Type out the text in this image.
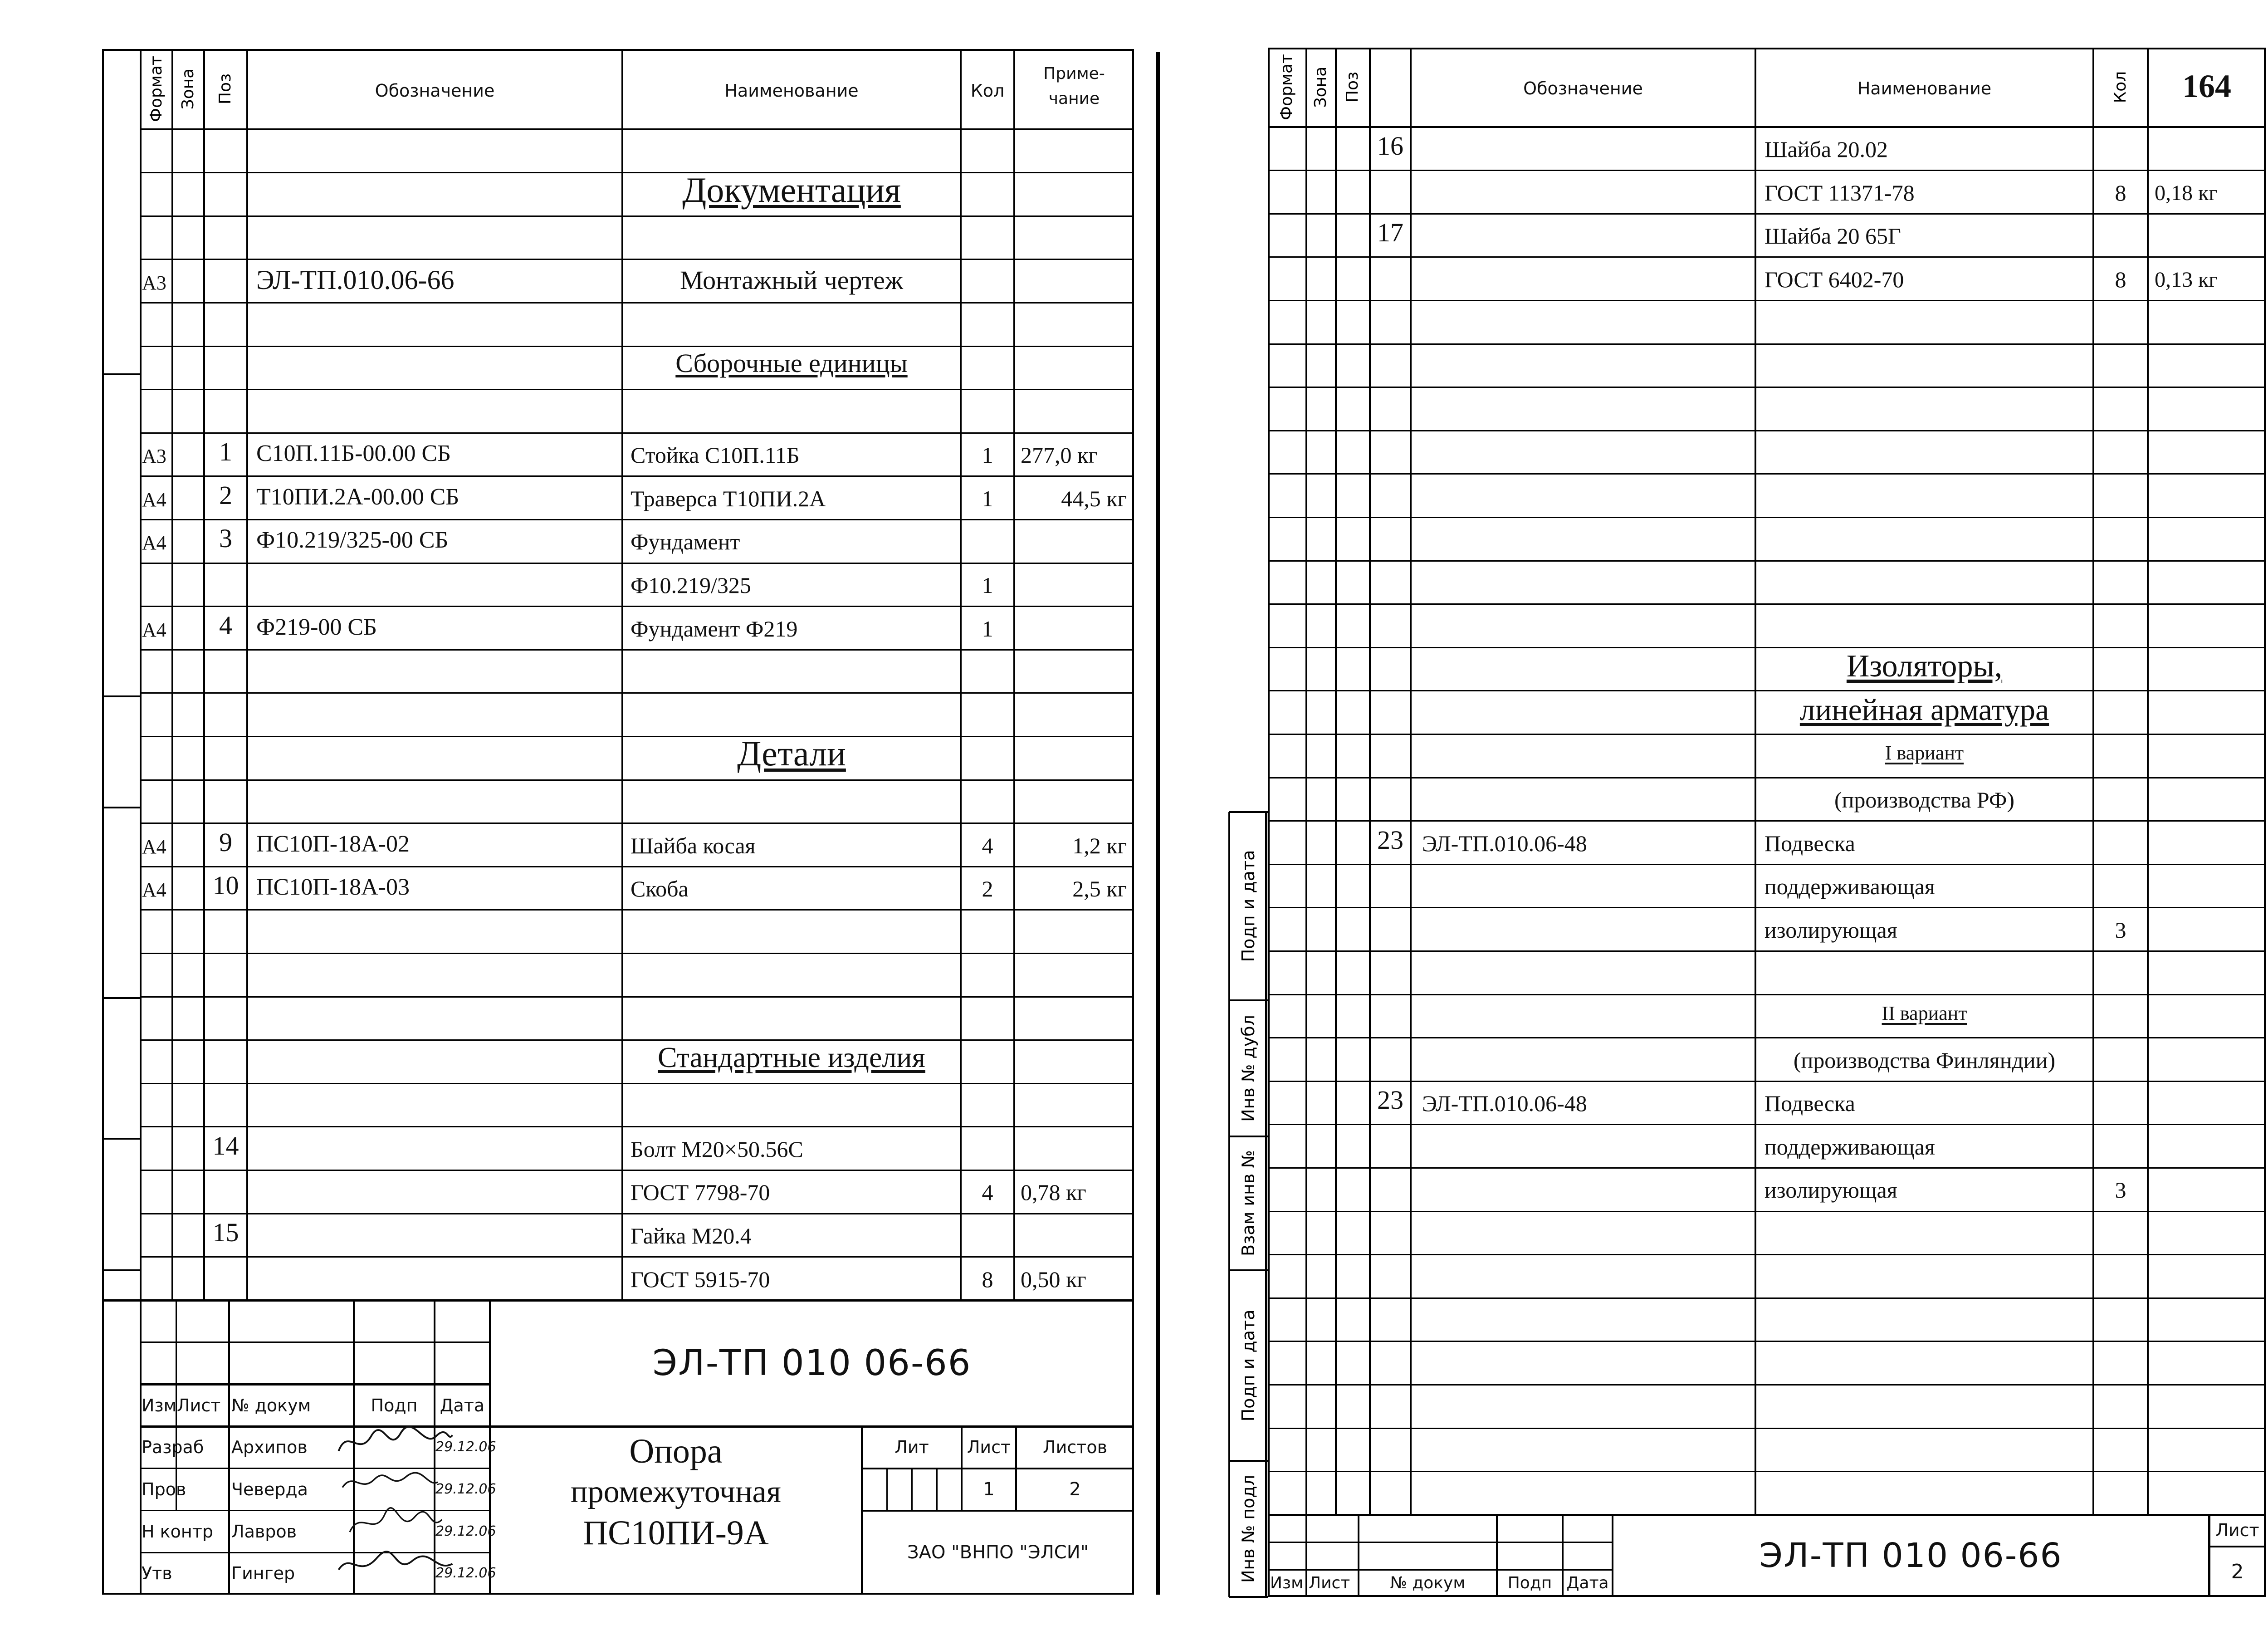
Формат Зона	Поз	Обозначение	Наименование	Кол
Приме-
чание
Документация
А3	ЭЛ-ТП.010.06-66	Монтажный чертеж
Сборочные единицы
А3	1	С10П.11Б-00.00 СБ	Стойка С10П.11Б	1	277,0 кг
А4	2	Т10ПИ.2А-00.00 СБ	Траверса Т10ПИ.2А	1	44,5 кг
А4	3	Ф10.219/325-00 СБ	Фундамент
Ф10.219/325	1
А4	4	Ф219-00 СБ	Фундамент Ф219	1
Детали
А4	9	ПС10П-18А-02	Шайба косая	4	1,2 кг
А4	10 ПС10П-18А-03	Скоба	2	2,5 кг
Стандартные изделия
14	Болт М20×50.56С
ГОСТ 7798-70	4	0,78 кг
15	Гайка М20.4
ГОСТ 5915-70	8	0,50 кг
ЭЛ-ТП 010 06-66
Изм Лист № докум	Подп	Дата
Разраб	Архипов	29.12.06
Пров	Чеверда	29.12.06
Н контр	Лавров	29.12.06
Утв	Гингер	29.12.06
Опора
промежуточная
ПС10ПИ-9А
Лит	Лист	Листов
1	2
ЗАО "ВНПО "ЭЛСИ"
Формат Зона Поз	Обозначение	Наименование	Кол	164
16	Шайба 20.02
ГОСТ 11371-78	8	0,18 кг
17	Шайба 20 65Г
ГОСТ 6402-70	8	0,13 кг
Изоляторы,
линейная арматура
I вариант
(производства РФ)
23 ЭЛ-ТП.010.06-48	Подвеска
поддерживающая
изолирующая	3
II вариант
(производства Финляндии)
23 ЭЛ-ТП.010.06-48	Подвеска
поддерживающая
изолирующая	3
Подп и дата
Инв № дубл
Взам инв №
Подп и дата
Инв № подл	ЭЛ-ТП 010 06-66
Изм Лист	№ докум	Подп Дата
Лист
2
